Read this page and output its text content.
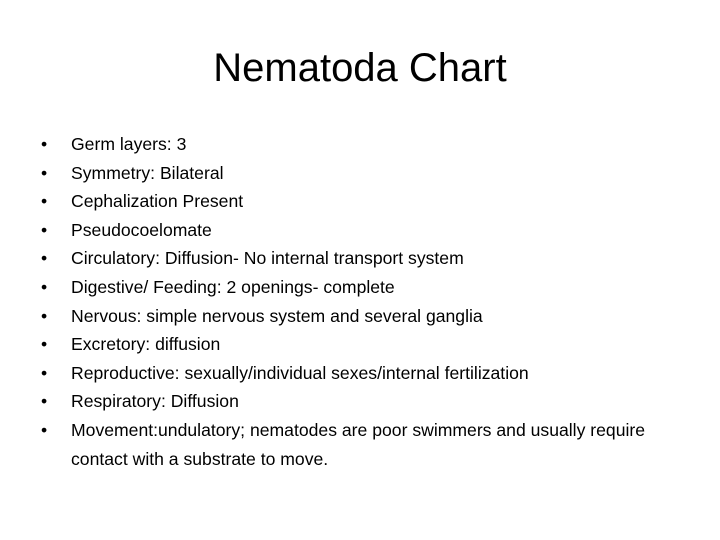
Nematoda Chart
•	Germ layers: 3
•	Symmetry: Bilateral
•	Cephalization Present
•	Pseudocoelomate
•	Circulatory: Diffusion- No internal transport system
•	Digestive/ Feeding: 2 openings- complete
•	Nervous: simple nervous system and several ganglia
•	Excretory: diffusion
•	Reproductive: sexually/individual sexes/internal fertilization
•	Respiratory: Diffusion
•	Movement:undulatory; nematodes are poor swimmers and usually require contact with a substrate to move.
